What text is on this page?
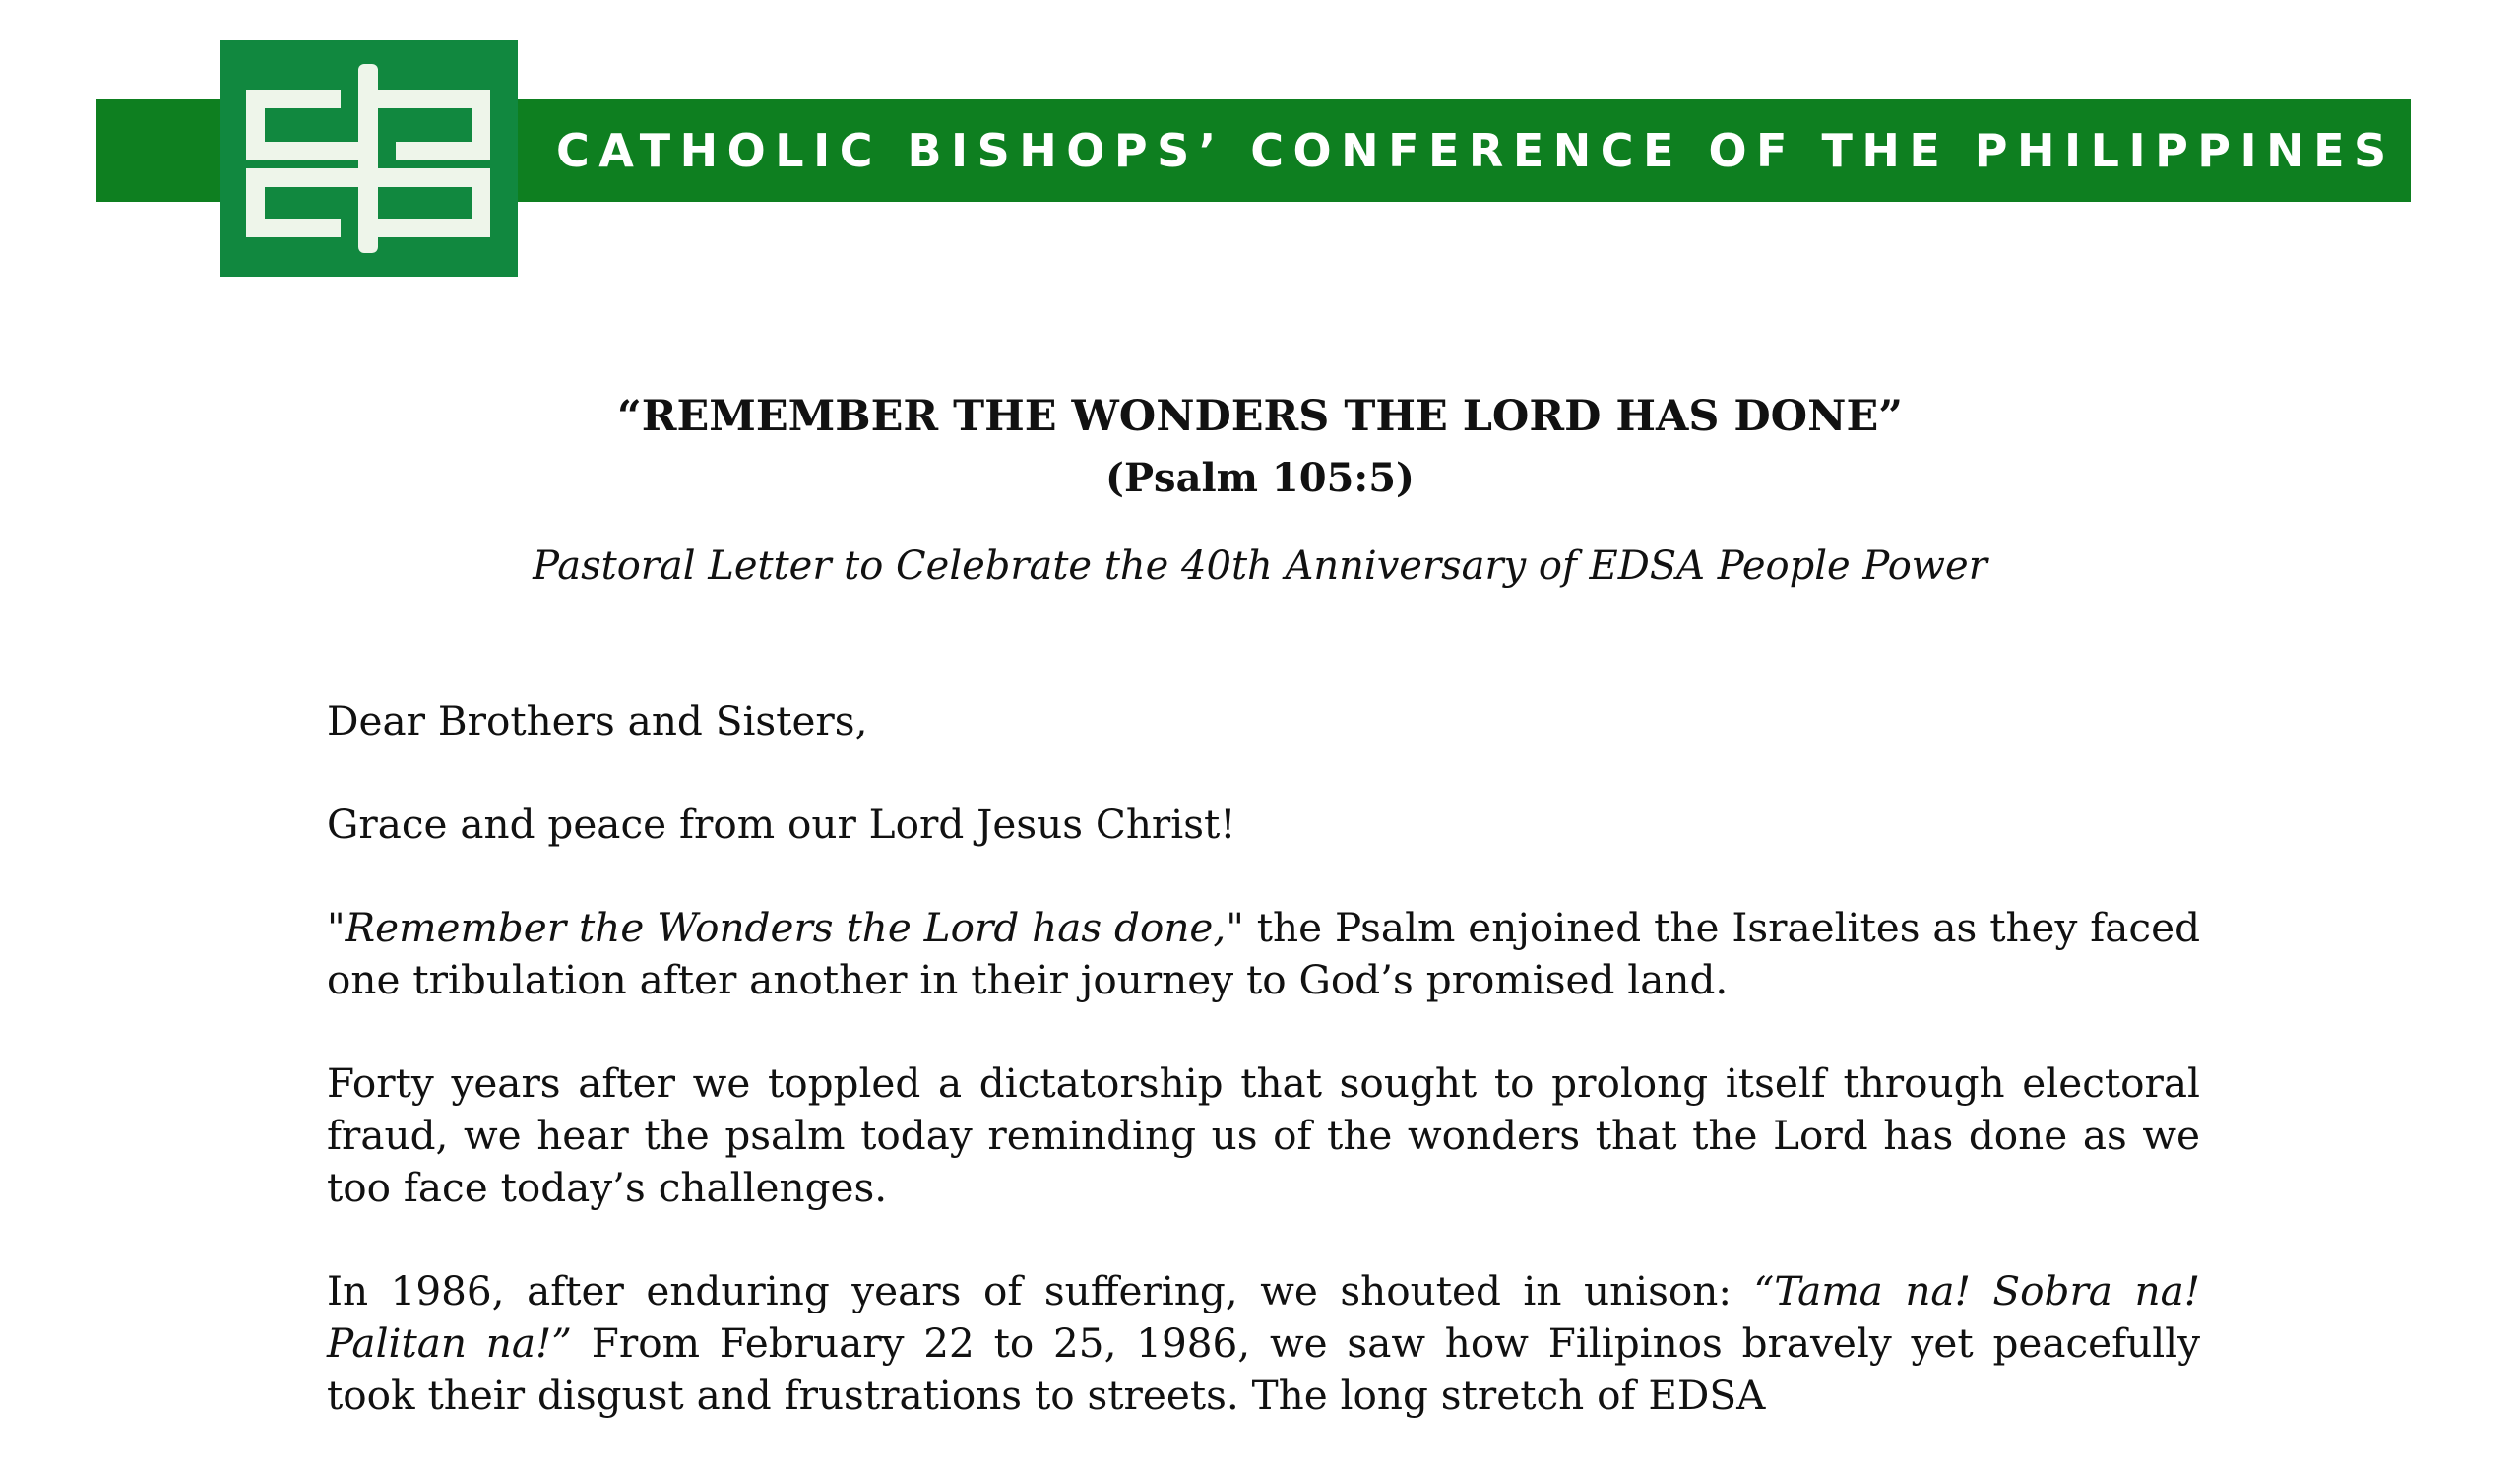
CATHOLIC BISHOPS’ CONFERENCE OF THE PHILIPPINES
“REMEMBER THE WONDERS THE LORD HAS DONE”
(Psalm 105:5)
Pastoral Letter to Celebrate the 40th Anniversary of EDSA People Power

Dear Brothers and Sisters,

Grace and peace from our Lord Jesus Christ!

"Remember the Wonders the Lord has done," the Psalm enjoined the Israelites as they faced one tribulation after another in their journey to God’s promised land.

Forty years after we toppled a dictatorship that sought to prolong itself through electoral fraud, we hear the psalm today reminding us of the wonders that the Lord has done as we too face today’s challenges.

In 1986, after enduring years of suffering, we shouted in unison: “Tama na! Sobra na! Palitan na!” From February 22 to 25, 1986, we saw how Filipinos bravely yet peacefully took their disgust and frustrations to streets. The long stretch of EDSA
